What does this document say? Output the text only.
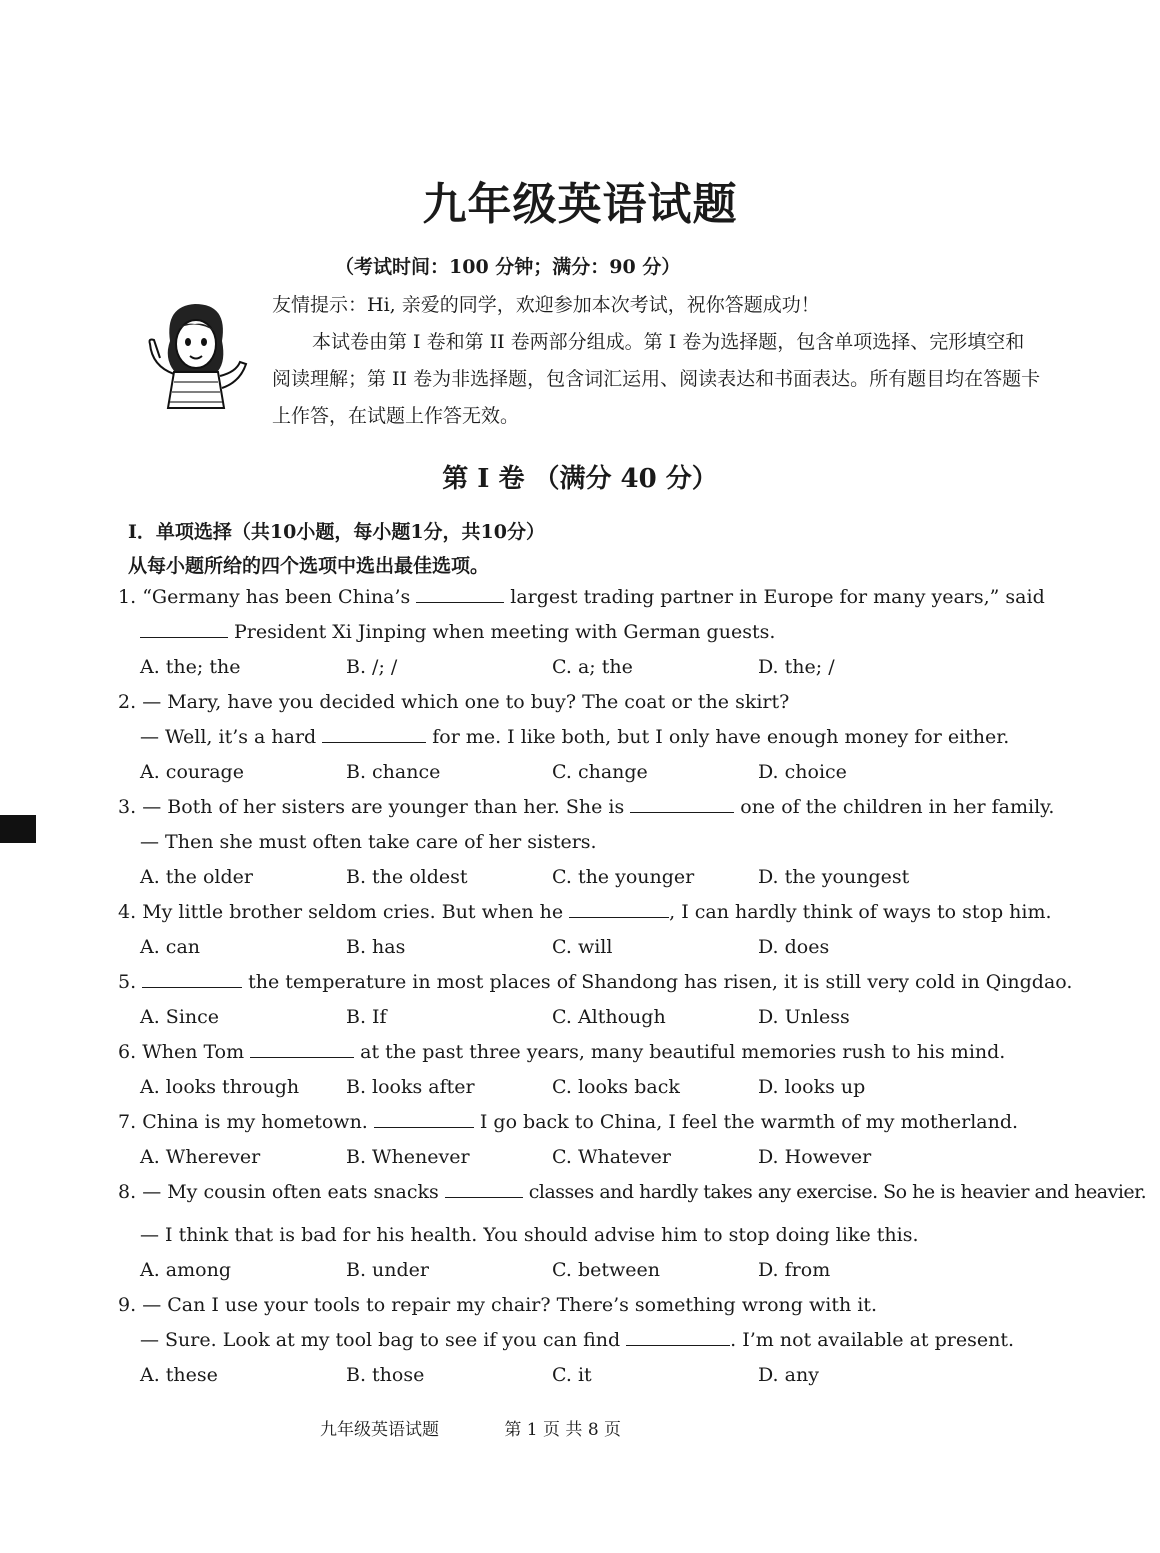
九年级英语试题
（考试时间：100 分钟；满分：90 分）

友情提示：Hi, 亲爱的同学，欢迎参加本次考试，祝你答题成功！

本试卷由第 I 卷和第 II 卷两部分组成。第 I 卷为选择题，包含单项选择、完形填空和阅读理解；第 II 卷为非选择题，包含词汇运用、阅读表达和书面表达。所有题目均在答题卡上作答，在试题上作答无效。

第 I 卷 （满分 40 分）
I．单项选择（共10小题，每小题1分，共10分）
从每小题所给的四个选项中选出最佳选项。
1. “Germany has been China’s	largest trading partner in Europe for many years,” said
President Xi Jinping when meeting with German guests.
A. the; the	B. /; /	C. a; the	D. the; /
2. — Mary, have you decided which one to buy? The coat or the skirt?
— Well, it’s a hard	for me. I like both, but I only have enough money for either.
A. courage	B. chance	C. change	D. choice
3. — Both of her sisters are younger than her. She is	one of the children in her family.
— Then she must often take care of her sisters.
A. the older	B. the oldest	C. the younger	D. the youngest
4. My little brother seldom cries. But when he	, I can hardly think of ways to stop him.
A. can	B. has	C. will	D. does
5.	the temperature in most places of Shandong has risen, it is still very cold in Qingdao.
A. Since	B. If	C. Although	D. Unless
6. When Tom	at the past three years, many beautiful memories rush to his mind.
A. looks through	B. looks after	C. looks back	D. looks up
7. China is my hometown.	I go back to China, I feel the warmth of my motherland.
A. Wherever	B. Whenever	C. Whatever	D. However
8. — My cousin often eats snacks	classes and hardly takes any exercise. So he is heavier and heavier.
— I think that is bad for his health. You should advise him to stop doing like this.
A. among	B. under	C. between	D. from
9. — Can I use your tools to repair my chair? There’s something wrong with it.
— Sure. Look at my tool bag to see if you can find	. I’m not available at present.
A. these	B. those	C. it	D. any
九年级英语试题	第 1 页 共 8 页
